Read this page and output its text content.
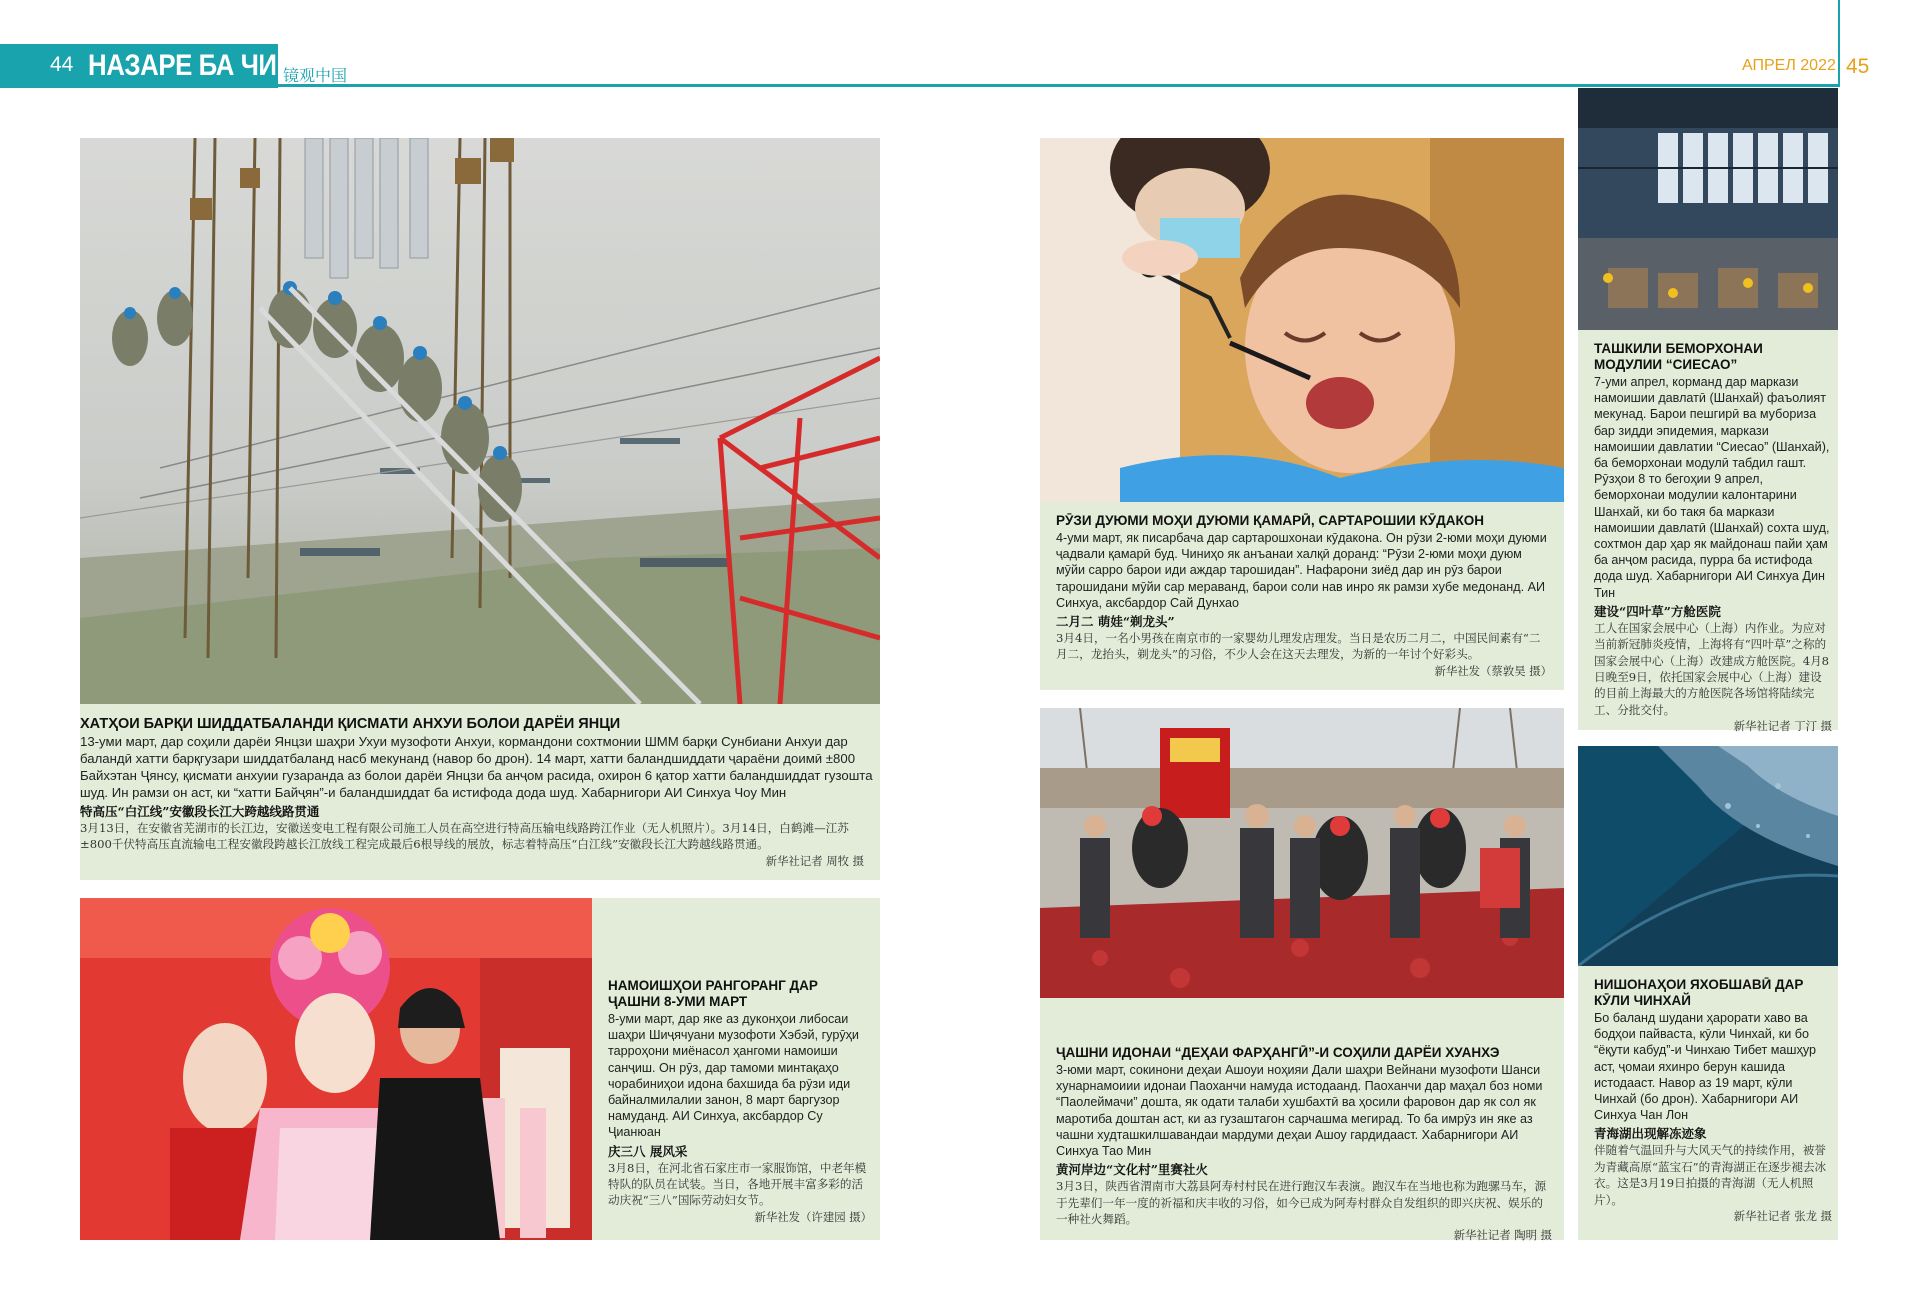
44 НАЗАРЕ БА ЧИН
镜观中国
АПРЕЛ 2022 45
ХАТҲОИ БАРҚИ ШИДДАТБАЛАНДИ ҚИСМАТИ АНХУИ БОЛОИ ДАРЁИ ЯНЦИ
13-уми март, дар соҳили дарёи Янцзи шаҳри Ухуи музофоти Анхуи, кормандони сохтмонии ШММ барқи Сунбиани Анхуи дар баландӣ хатти барқгузари шиддатбаланд насб мекунанд (навор бо дрон). 14 март, хатти баландшиддати ҷараёни доимӣ ±800 Байхэтан Ҷянсу, қисмати анхуии гузаранда аз болои дарёи Янцзи ба анҷом расида, охирон 6 қатор хатти баландшиддат гузошта шуд. Ин рамзи он аст, ки “хатти Байҷян”-и баландшиддат ба истифода дода шуд. Хабарнигори АИ Синхуа Чоу Мин
特高压“白江线”安徽段长江大跨越线路贯通
3月13日，在安徽省芜湖市的长江边，安徽送变电工程有限公司施工人员在高空进行特高压输电线路跨江作业（无人机照片）。3月14日，白鹤滩—江苏±800千伏特高压直流输电工程安徽段跨越长江放线工程完成最后6根导线的展放，标志着特高压“白江线”安徽段长江大跨越线路贯通。
新华社记者 周牧 摄
НАМОИШҲОИ РАНГОРАНГ ДАР ҶАШНИ 8-УМИ МАРТ
8-уми март, дар яке аз дуконҳои либосаи шаҳри Шиҷячуани музофоти Хэбэй, гурӯҳи тарроҳони миёнасол ҳангоми намоиши санҷиш. Он рӯз, дар тамоми минтақаҳо чорабиниҳои идона бахшида ба рӯзи иди байналмилалии занон, 8 март баргузор намуданд. АИ Синхуа, аксбардор Су Ҷианюан
庆三八 展风采
3月8日，在河北省石家庄市一家服饰馆，中老年模特队的队员在试装。当日，各地开展丰富多彩的活动庆祝“三八”国际劳动妇女节。
新华社发（许建园 摄）
РӮЗИ ДУЮМИ МОҲИ ДУЮМИ ҚАМАРӢ, САРТАРОШИИ КӮДАКОН
4-уми март, як писарбача дар сартарошхонаи кӯдакона. Он рӯзи 2-юми моҳи дуюми ҷадвали қамарӣ буд. Чиниҳо як анъанаи халқӣ доранд: “Рӯзи 2-юми моҳи дуюм мӯйи сарро барои иди аждар тарошидан”. Нафарони зиёд дар ин рӯз барои тарошидани мӯйи сар мераванд, барои соли нав инро як рамзи хубе медонанд. АИ Синхуа, аксбардор Сай Дунхао
二月二 萌娃“剃龙头”
3月4日，一名小男孩在南京市的一家婴幼儿理发店理发。当日是农历二月二，中国民间素有“二月二，龙抬头，剃龙头”的习俗，不少人会在这天去理发，为新的一年讨个好彩头。
新华社发（蔡敦昊 摄）
ҶАШНИ ИДОНАИ “ДЕҲАИ ФАРҲАНГӢ”-И СОҲИЛИ ДАРЁИ ХУАНХЭ
3-юми март, сокинони деҳаи Ашоуи ноҳияи Дали шаҳри Вейнани музофоти Шанси хунарнамоиии идонаи Паоханчи намуда истодаанд. Паоханчи дар маҳал боз номи “Паолеймачи” дошта, як одати талаби хушбахтӣ ва ҳосили фаровон дар як сол як маротиба доштан аст, ки аз гузаштагон сарчашма мегирад. То ба имрӯз ин яке аз чашни худташкилшавандаи мардуми деҳаи Ашоу гардидааст. Хабарнигори АИ Синхуа Тао Мин
黄河岸边“文化村”里赛社火
3月3日，陕西省渭南市大荔县阿寿村村民在进行跑汉车表演。跑汉车在当地也称为跑骡马车，源于先辈们一年一度的祈福和庆丰收的习俗，如今已成为阿寿村群众自发组织的即兴庆祝、娱乐的一种社火舞蹈。
新华社记者 陶明 摄
ТАШКИЛИ БЕМОРХОНАИ МОДУЛИИ “СИЕСАО”
7-уми апрел, корманд дар маркази намоишии давлатӣ (Шанхай) фаъолият мекунад. Барои пешгирӣ ва мубориза бар зидди эпидемия, маркази намоишии давлатии “Сиесао” (Шанхай), ба беморхонаи модулӣ табдил гашт. Рӯзҳои 8 то бегоҳии 9 апрел, беморхонаи модулии калонтарини Шанхай, ки бо такя ба маркази намоишии давлатӣ (Шанхай) сохта шуд, сохтмон дар ҳар як майдонаш пайи ҳам ба анҷом расида, пурра ба истифода дода шуд. Хабарнигори АИ Синхуа Дин Тин
建设“四叶草”方舱医院
工人在国家会展中心（上海）内作业。为应对当前新冠肺炎疫情，上海将有“四叶草”之称的国家会展中心（上海）改建成方舱医院。4月8日晚至9日，依托国家会展中心（上海）建设的目前上海最大的方舱医院各场馆将陆续完工、分批交付。
新华社记者 丁汀 摄
НИШОНАҲОИ ЯХОБШАВӢ ДАР КӮЛИ ЧИНХАЙ
Бо баланд шудани ҳарорати хаво ва бодҳои пайваста, кӯли Чинхай, ки бо “ёқути кабуд”-и Чинхаю Тибет машҳур аст, ҷомаи яхинро берун кашида истодааст. Навор аз 19 март, кӯли Чинхай (бо дрон). Хабарнигори АИ Синхуа Чан Лон
青海湖出现解冻迹象
伴随着气温回升与大风天气的持续作用，被誉为青藏高原“蓝宝石”的青海湖正在逐步褪去冰衣。这是3月19日拍摄的青海湖（无人机照片）。
新华社记者 张龙 摄
